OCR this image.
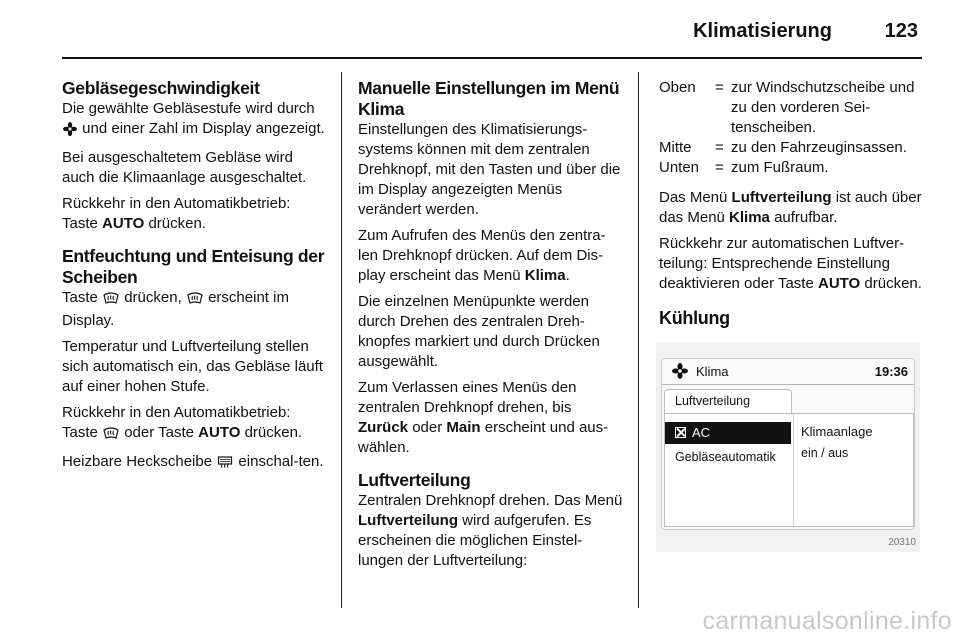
Klimatisierung	123
Gebläsegeschwindigkeit

Die gewählte Gebläsestufe wird durch  und einer Zahl im Display angezeigt.

Bei ausgeschaltetem Gebläse wird auch die Klimaanlage ausgeschaltet.

Rückkehr in den Automatikbetrieb: Taste AUTO drücken.

Entfeuchtung und Enteisung der Scheiben

Taste drücken, erscheint im Display.

Temperatur und Luftverteilung stellen sich automatisch ein, das Gebläse läuft auf einer hohen Stufe.

Rückkehr in den Automatikbetrieb: Taste oder Taste AUTO drücken.

Heizbare Heckscheibe einschal-ten.

Manuelle Einstellungen im Menü Klima

Einstellungen des Klimatisierungs-systems können mit dem zentralen Drehknopf, mit den Tasten und über die im Display angezeigten Menüs verändert werden.

Zum Aufrufen des Menüs den zentra-len Drehknopf drücken. Auf dem Dis-play erscheint das Menü Klima.

Die einzelnen Menüpunkte werden durch Drehen des zentralen Dreh-knopfes markiert und durch Drücken ausgewählt.

Zum Verlassen eines Menüs den zentralen Drehknopf drehen, bis Zurück oder Main erscheint und aus-wählen.

Luftverteilung

Zentralen Drehknopf drehen. Das Menü Luftverteilung wird aufgerufen. Es erscheinen die möglichen Einstel-lungen der Luftverteilung:

Oben	=	zur Windschutzscheibe und zu den vorderen Sei-tenscheiben.
Mitte	=	zu den Fahrzeuginsassen.
Unten	=	zum Fußraum.

Das Menü Luftverteilung ist auch über das Menü Klima aufrufbar.

Rückkehr zur automatischen Luftver-teilung: Entsprechende Einstellung deaktivieren oder Taste AUTO drücken.

Kühlung
Klima	19:36
Luftverteilung
AC
Gebläseautomatik
Klimaanlage
ein / aus
20310
carmanualsonline.info
